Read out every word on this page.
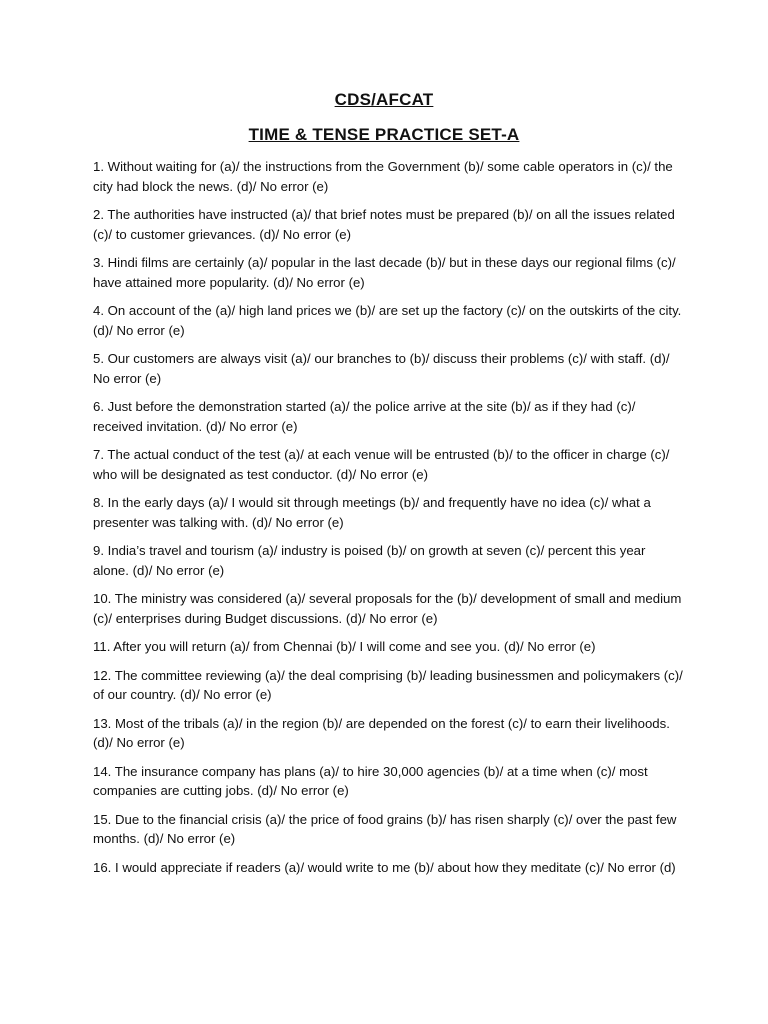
CDS/AFCAT
TIME & TENSE PRACTICE SET-A
1. Without waiting for (a)/ the instructions from the Government (b)/ some cable operators in (c)/ the city had block the news. (d)/ No error (e)
2. The authorities have instructed (a)/ that brief notes must be prepared (b)/ on all the issues related (c)/ to customer grievances. (d)/ No error (e)
3. Hindi films are certainly (a)/ popular in the last decade (b)/ but in these days our regional films (c)/ have attained more popularity. (d)/ No error (e)
4. On account of the (a)/ high land prices we (b)/ are set up the factory (c)/ on the outskirts of the city. (d)/ No error (e)
5. Our customers are always visit (a)/ our branches to (b)/ discuss their problems (c)/ with staff. (d)/ No error (e)
6. Just before the demonstration started (a)/ the police arrive at the site (b)/ as if they had (c)/ received invitation. (d)/ No error (e)
7. The actual conduct of the test (a)/ at each venue will be entrusted (b)/ to the officer in charge (c)/ who will be designated as test conductor. (d)/ No error (e)
8. In the early days (a)/ I would sit through meetings (b)/ and frequently have no idea (c)/ what a presenter was talking with. (d)/ No error (e)
9. India’s travel and tourism (a)/ industry is poised (b)/ on growth at seven (c)/ percent this year alone. (d)/ No error (e)
10. The ministry was considered (a)/ several proposals for the (b)/ development of small and medium (c)/ enterprises during Budget discussions. (d)/ No error (e)
11. After you will return (a)/ from Chennai (b)/ I will come and see you. (d)/ No error (e)
12. The committee reviewing (a)/ the deal comprising (b)/ leading businessmen and policymakers (c)/ of our country. (d)/ No error (e)
13. Most of the tribals (a)/ in the region (b)/ are depended on the forest (c)/ to earn their livelihoods. (d)/ No error (e)
14. The insurance company has plans (a)/ to hire 30,000 agencies (b)/ at a time when (c)/ most companies are cutting jobs. (d)/ No error (e)
15. Due to the financial crisis (a)/ the price of food grains (b)/ has risen sharply (c)/ over the past few months. (d)/ No error (e)
16. I would appreciate if readers (a)/ would write to me (b)/ about how they meditate (c)/ No error (d)
